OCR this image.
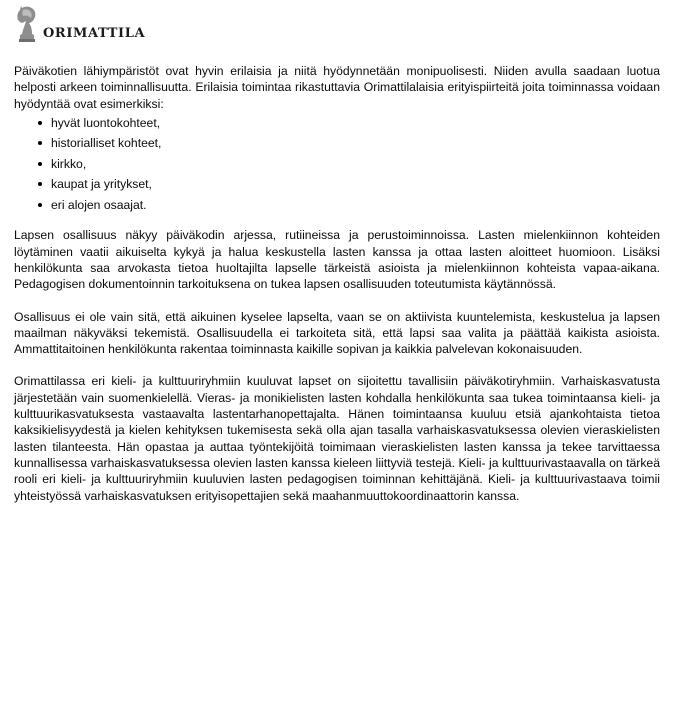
ORIMATTILA

Päiväkotien lähiympäristöt ovat hyvin erilaisia ja niitä hyödynnetään monipuolisesti. Niiden avulla saadaan luotua helposti arkeen toiminnallisuutta. Erilaisia toimintaa rikastuttavia Orimattilalaisia erityispiirteitä joita toiminnassa voidaan hyödyntää ovat esimerkiksi:

hyvät luontokohteet,
historialliset kohteet,
kirkko,
kaupat ja yritykset,
eri alojen osaajat.

Lapsen osallisuus näkyy päiväkodin arjessa, rutiineissa ja perustoiminnoissa. Lasten mielenkiinnon kohteiden löytäminen vaatii aikuiselta kykyä ja halua keskustella lasten kanssa ja ottaa lasten aloitteet huomioon. Lisäksi henkilökunta saa arvokasta tietoa huoltajilta lapselle tärkeistä asioista ja mielenkiinnon kohteista vapaa-aikana. Pedagogisen dokumentoinnin tarkoituksena on tukea lapsen osallisuuden toteutumista käytännössä.

Osallisuus ei ole vain sitä, että aikuinen kyselee lapselta, vaan se on aktiivista kuuntelemista, keskustelua ja lapsen maailman näkyväksi tekemistä. Osallisuudella ei tarkoiteta sitä, että lapsi saa valita ja päättää kaikista asioista. Ammattitaitoinen henkilökunta rakentaa toiminnasta kaikille sopivan ja kaikkia palvelevan kokonaisuuden.

Orimattilassa eri kieli- ja kulttuuriryhmiin kuuluvat lapset on sijoitettu tavallisiin päiväkotiryhmiin. Varhaiskasvatusta järjestetään vain suomenkielellä. Vieras- ja monikielisten lasten kohdalla henkilökunta saa tukea toimintaansa kieli- ja kulttuurikasvatuksesta vastaavalta lastentarhanopettajalta. Hänen toimintaansa kuuluu etsiä ajankohtaista tietoa kaksikielisyydestä ja kielen kehityksen tukemisesta sekä olla ajan tasalla varhaiskasvatuksessa olevien vieraskielisten lasten tilanteesta. Hän opastaa ja auttaa työntekijöitä toimimaan vieraskielisten lasten kanssa ja tekee tarvittaessa kunnallisessa varhaiskasvatuksessa olevien lasten kanssa kieleen liittyviä testejä. Kieli- ja kulttuurivastaavalla on tärkeä rooli eri kieli- ja kulttuuriryhmiin kuuluvien lasten pedagogisen toiminnan kehittäjänä. Kieli- ja kulttuurivastaava toimii yhteistyössä varhaiskasvatuksen erityisopettajien sekä maahanmuuttokoordinaattorin kanssa.
